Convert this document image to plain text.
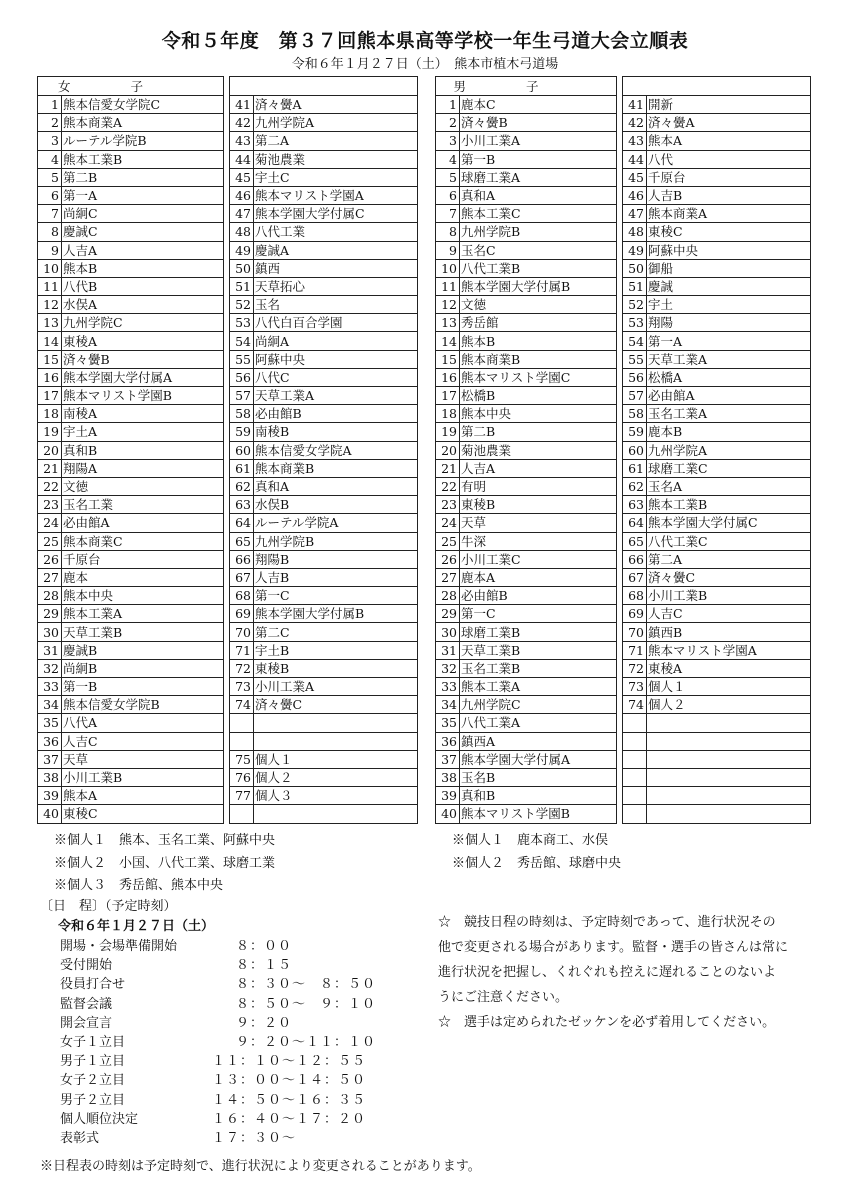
令和５年度　第３７回熊本県高等学校一年生弓道大会立順表
令和６年１月２７日（土）　熊本市植木弓道場
女子				
1	熊本信愛女学院C		41	済々黌A
2	熊本商業A		42	九州学院A
3	ルーテル学院B		43	第二A
4	熊本工業B		44	菊池農業
5	第二B		45	宇土C
6	第一A		46	熊本マリスト学園A
7	尚絅C		47	熊本学園大学付属C
8	慶誠C		48	八代工業
9	人吉A		49	慶誠A
10	熊本B		50	鎮西
11	八代B		51	天草拓心
12	水俣A		52	玉名
13	九州学院C		53	八代白百合学園
14	東稜A		54	尚絅A
15	済々黌B		55	阿蘇中央
16	熊本学園大学付属A		56	八代C
17	熊本マリスト学園B		57	天草工業A
18	南稜A		58	必由館B
19	宇土A		59	南稜B
20	真和B		60	熊本信愛女学院A
21	翔陽A		61	熊本商業B
22	文徳		62	真和A
23	玉名工業		63	水俣B
24	必由館A		64	ルーテル学院A
25	熊本商業C		65	九州学院B
26	千原台		66	翔陽B
27	鹿本		67	人吉B
28	熊本中央		68	第一C
29	熊本工業A		69	熊本学園大学付属B
30	天草工業B		70	第二C
31	慶誠B		71	宇土B
32	尚絅B		72	東稜B
33	第一B		73	小川工業A
34	熊本信愛女学院B		74	済々黌C
35	八代A			
36	人吉C			
37	天草		75	個人１
38	小川工業B		76	個人２
39	熊本A		77	個人３
40	東稜C			
男子				
1	鹿本C		41	開新
2	済々黌B		42	済々黌A
3	小川工業A		43	熊本A
4	第一B		44	八代
5	球磨工業A		45	千原台
6	真和A		46	人吉B
7	熊本工業C		47	熊本商業A
8	九州学院B		48	東稜C
9	玉名C		49	阿蘇中央
10	八代工業B		50	御船
11	熊本学園大学付属B		51	慶誠
12	文徳		52	宇土
13	秀岳館		53	翔陽
14	熊本B		54	第一A
15	熊本商業B		55	天草工業A
16	熊本マリスト学園C		56	松橋A
17	松橋B		57	必由館A
18	熊本中央		58	玉名工業A
19	第二B		59	鹿本B
20	菊池農業		60	九州学院A
21	人吉A		61	球磨工業C
22	有明		62	玉名A
23	東稜B		63	熊本工業B
24	天草		64	熊本学園大学付属C
25	牛深		65	八代工業C
26	小川工業C		66	第二A
27	鹿本A		67	済々黌C
28	必由館B		68	小川工業B
29	第一C		69	人吉C
30	球磨工業B		70	鎮西B
31	天草工業B		71	熊本マリスト学園A
32	玉名工業B		72	東稜A
33	熊本工業A		73	個人１
34	九州学院C		74	個人２
35	八代工業A			
36	鎮西A			
37	熊本学園大学付属A			
38	玉名B			
39	真和B			
40	熊本マリスト学園B			
※個人１　熊本、玉名工業、阿蘇中央
※個人２　小国、八代工業、球磨工業
※個人３　秀岳館、熊本中央
※個人１　鹿本商工、水俣
※個人２　秀岳館、球磨中央
〔日　程〕（予定時刻）
令和６年１月２７日（土）
開場・会場準備開始	８：００
受付開始	８：１５
役員打合せ	８：３０～　８：５０
監督会議	８：５０～　９：１０
開会宣言	９：２０
女子１立目	９：２０～１１：１０
男子１立目	１１：１０～１２：５５
女子２立目	１３：００～１４：５０
男子２立目	１４：５０～１６：３５
個人順位決定	１６：４０～１７：２０
表彰式	１７：３０～

☆　競技日程の時刻は、予定時刻であって、進行状況その他で変更される場合があります。監督・選手の皆さんは常に進行状況を把握し、くれぐれも控えに遅れることのないようにご注意ください。

☆　選手は定められたゼッケンを必ず着用してください。

※日程表の時刻は予定時刻で、進行状況により変更されることがあります。
